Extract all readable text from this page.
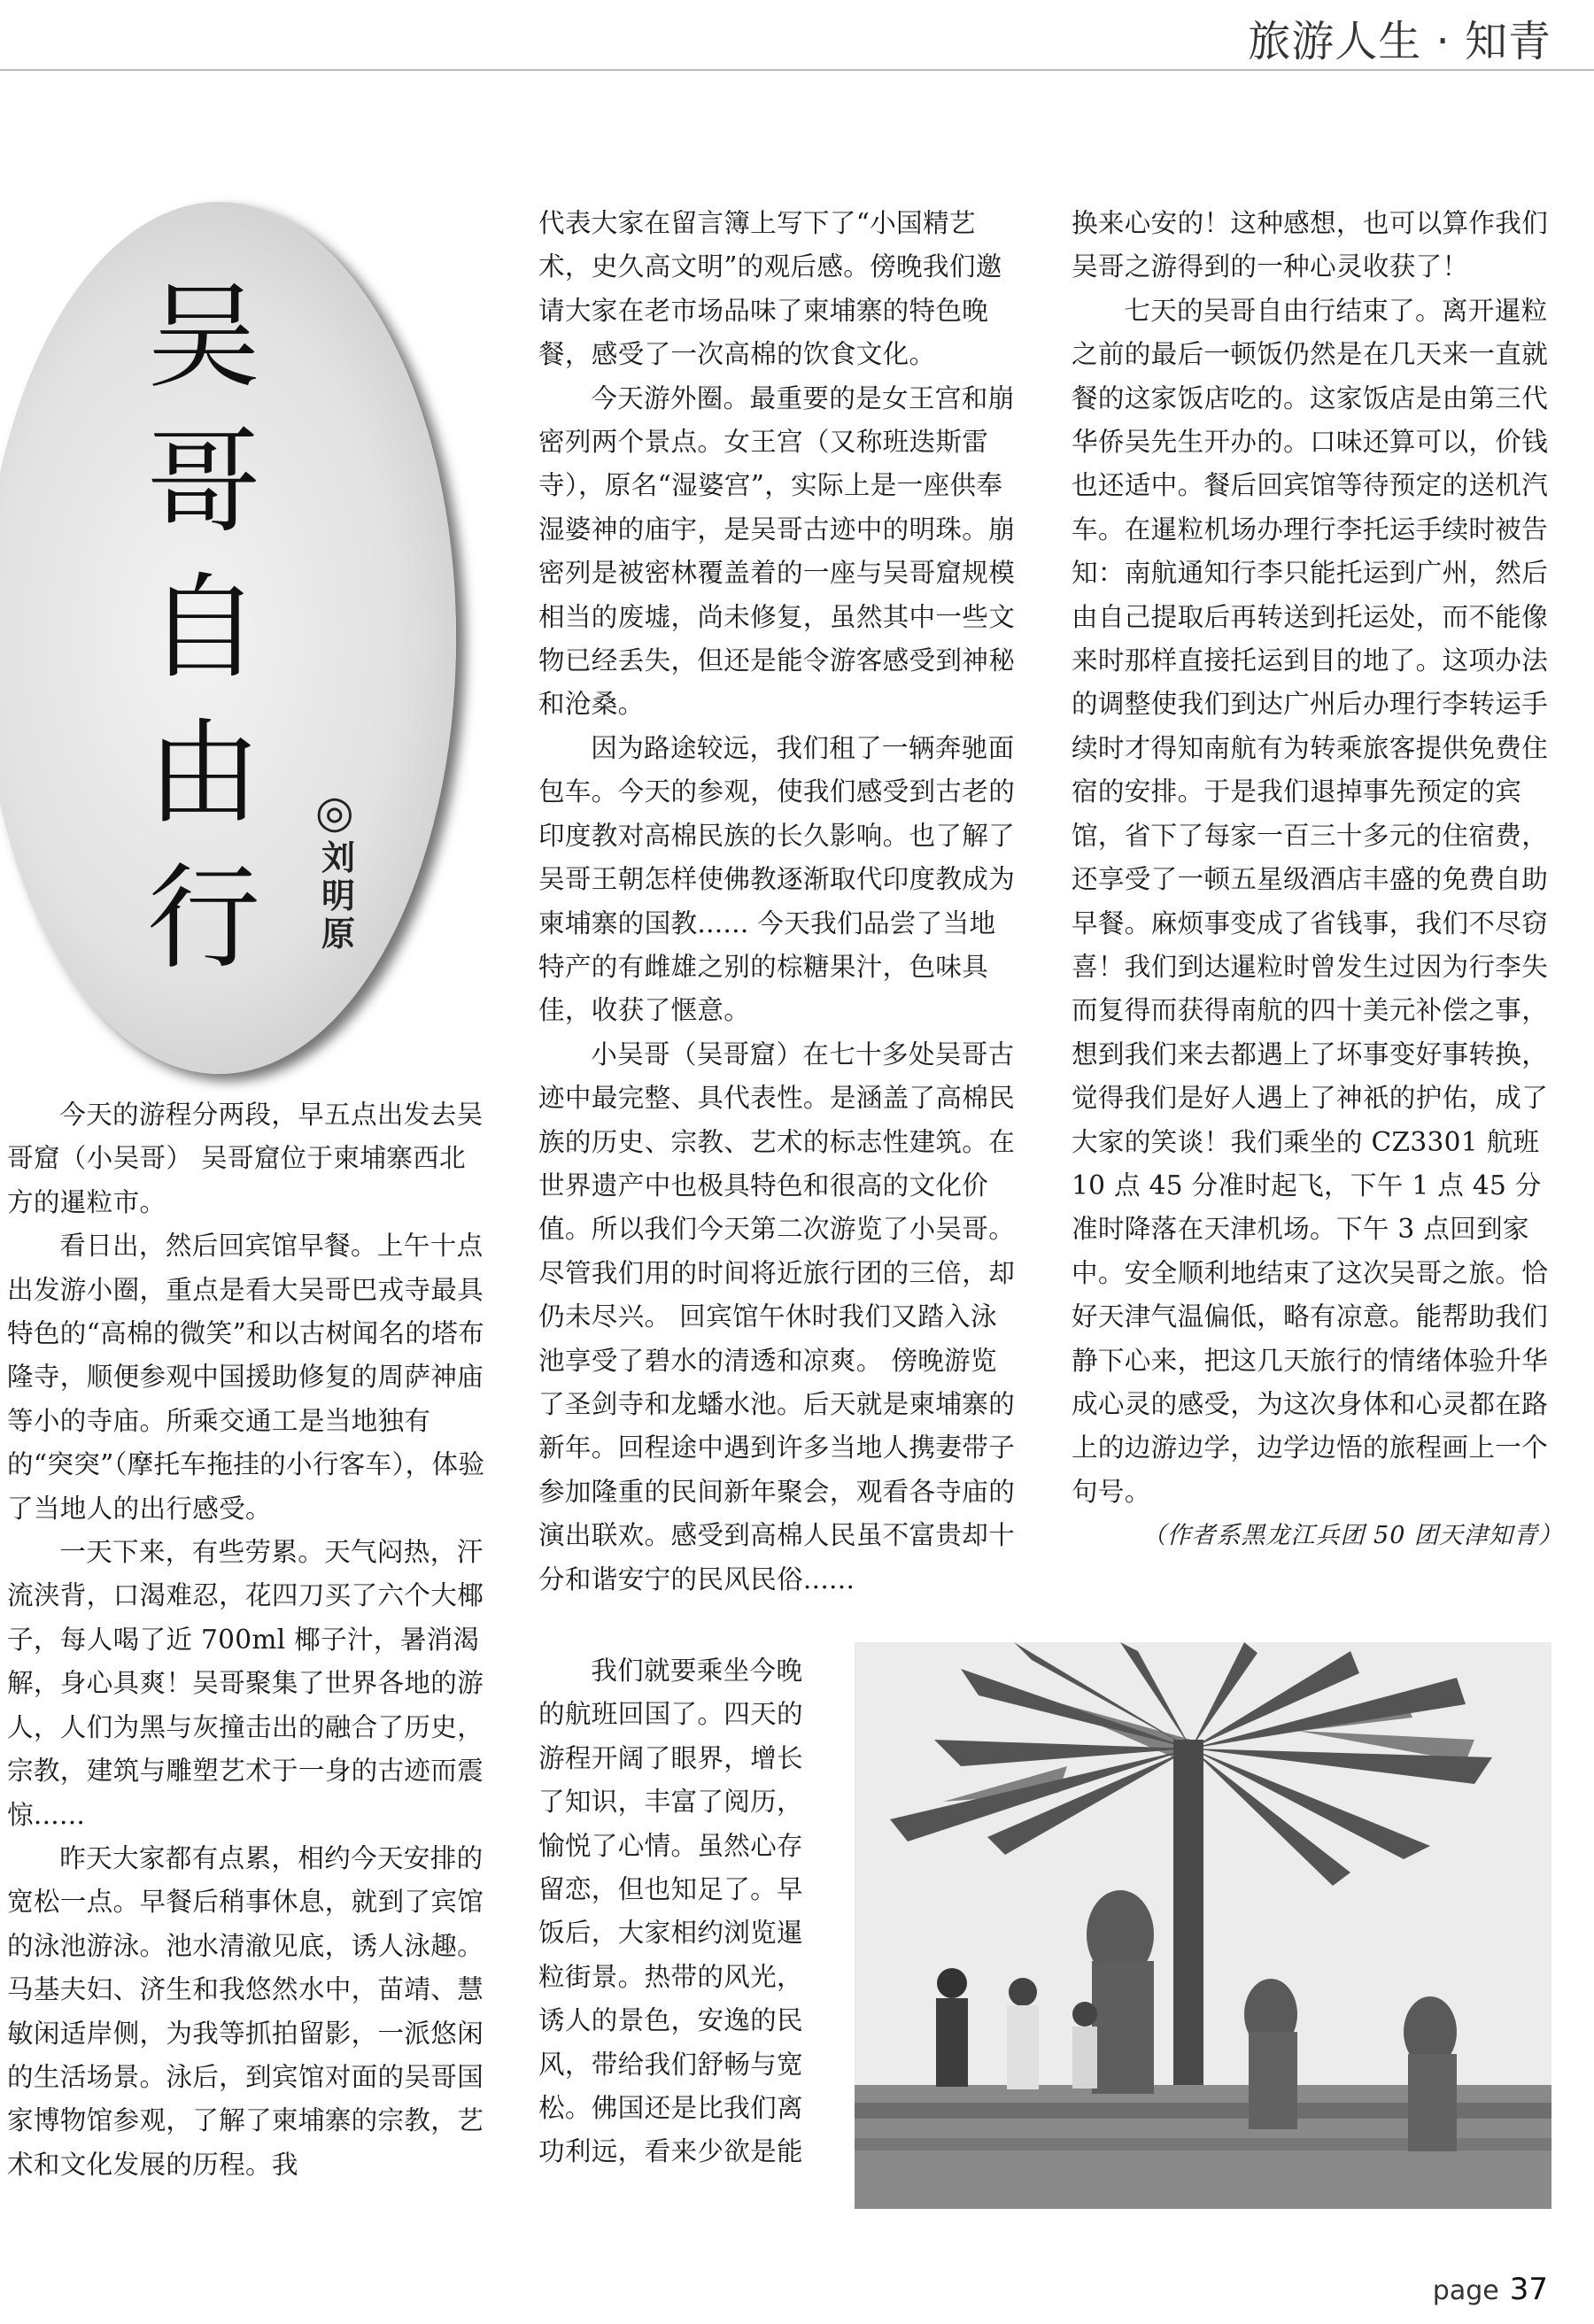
旅游人生 · 知青
吴哥自由行
◎
刘明原

今天的游程分两段，早五点出发去吴哥窟（小吴哥） 吴哥窟位于柬埔寨西北方的暹粒市。

看日出，然后回宾馆早餐。上午十点出发游小圈，重点是看大吴哥巴戎寺最具特色的“高棉的微笑”和以古树闻名的塔布隆寺，顺便参观中国援助修复的周萨神庙等小的寺庙。所乘交通工是当地独有的“突突”（摩托车拖挂的小行客车），体验了当地人的出行感受。

一天下来，有些劳累。天气闷热，汗流浃背，口渴难忍，花四刀买了六个大椰子，每人喝了近 700ml 椰子汁，暑消渴解，身心具爽！吴哥聚集了世界各地的游人，人们为黑与灰撞击出的融合了历史，宗教，建筑与雕塑艺术于一身的古迹而震惊......

昨天大家都有点累，相约今天安排的宽松一点。早餐后稍事休息，就到了宾馆的泳池游泳。池水清澈见底，诱人泳趣。马基夫妇、济生和我悠然水中，苗靖、慧敏闲适岸侧，为我等抓拍留影，一派悠闲的生活场景。泳后，到宾馆对面的吴哥国家博物馆参观，了解了柬埔寨的宗教，艺术和文化发展的历程。我

代表大家在留言簿上写下了“小国精艺术，史久高文明”的观后感。傍晚我们邀请大家在老市场品味了柬埔寨的特色晚餐，感受了一次高棉的饮食文化。

今天游外圈。最重要的是女王宫和崩密列两个景点。女王宫（又称班迭斯雷寺），原名“湿婆宫”，实际上是一座供奉湿婆神的庙宇，是吴哥古迹中的明珠。崩密列是被密林覆盖着的一座与吴哥窟规模相当的废墟，尚未修复，虽然其中一些文物已经丢失，但还是能令游客感受到神秘和沧桑。

因为路途较远，我们租了一辆奔驰面包车。今天的参观，使我们感受到古老的印度教对高棉民族的长久影响。也了解了吴哥王朝怎样使佛教逐渐取代印度教成为柬埔寨的国教...... 今天我们品尝了当地特产的有雌雄之别的棕糖果汁，色味具佳，收获了惬意。

小吴哥（吴哥窟）在七十多处吴哥古迹中最完整、具代表性。是涵盖了高棉民族的历史、宗教、艺术的标志性建筑。在世界遗产中也极具特色和很高的文化价值。所以我们今天第二次游览了小吴哥。尽管我们用的时间将近旅行团的三倍，却仍未尽兴。 回宾馆午休时我们又踏入泳池享受了碧水的清透和凉爽。 傍晚游览了圣剑寺和龙蟠水池。后天就是柬埔寨的新年。回程途中遇到许多当地人携妻带子参加隆重的民间新年聚会，观看各寺庙的演出联欢。感受到高棉人民虽不富贵却十分和谐安宁的民风民俗......

我们就要乘坐今晚的航班回国了。四天的游程开阔了眼界，增长了知识，丰富了阅历，愉悦了心情。虽然心存留恋，但也知足了。早饭后，大家相约浏览暹粒街景。热带的风光，诱人的景色，安逸的民风，带给我们舒畅与宽松。佛国还是比我们离功利远，看来少欲是能

换来心安的！这种感想，也可以算作我们吴哥之游得到的一种心灵收获了！

七天的吴哥自由行结束了。离开暹粒之前的最后一顿饭仍然是在几天来一直就餐的这家饭店吃的。这家饭店是由第三代华侨吴先生开办的。口味还算可以，价钱也还适中。餐后回宾馆等待预定的送机汽车。在暹粒机场办理行李托运手续时被告知：南航通知行李只能托运到广州，然后由自己提取后再转送到托运处，而不能像来时那样直接托运到目的地了。这项办法的调整使我们到达广州后办理行李转运手续时才得知南航有为转乘旅客提供免费住宿的安排。于是我们退掉事先预定的宾馆，省下了每家一百三十多元的住宿费，还享受了一顿五星级酒店丰盛的免费自助早餐。麻烦事变成了省钱事，我们不尽窃喜！我们到达暹粒时曾发生过因为行李失而复得而获得南航的四十美元补偿之事，想到我们来去都遇上了坏事变好事转换，觉得我们是好人遇上了神祇的护佑，成了大家的笑谈！我们乘坐的 CZ3301 航班 10 点 45 分准时起飞，下午 1 点 45 分准时降落在天津机场。下午 3 点回到家中。安全顺利地结束了这次吴哥之旅。恰好天津气温偏低，略有凉意。能帮助我们静下心来，把这几天旅行的情绪体验升华成心灵的感受，为这次身体和心灵都在路上的边游边学，边学边悟的旅程画上一个句号。

（作者系黑龙江兵团 50 团天津知青）

page 37
